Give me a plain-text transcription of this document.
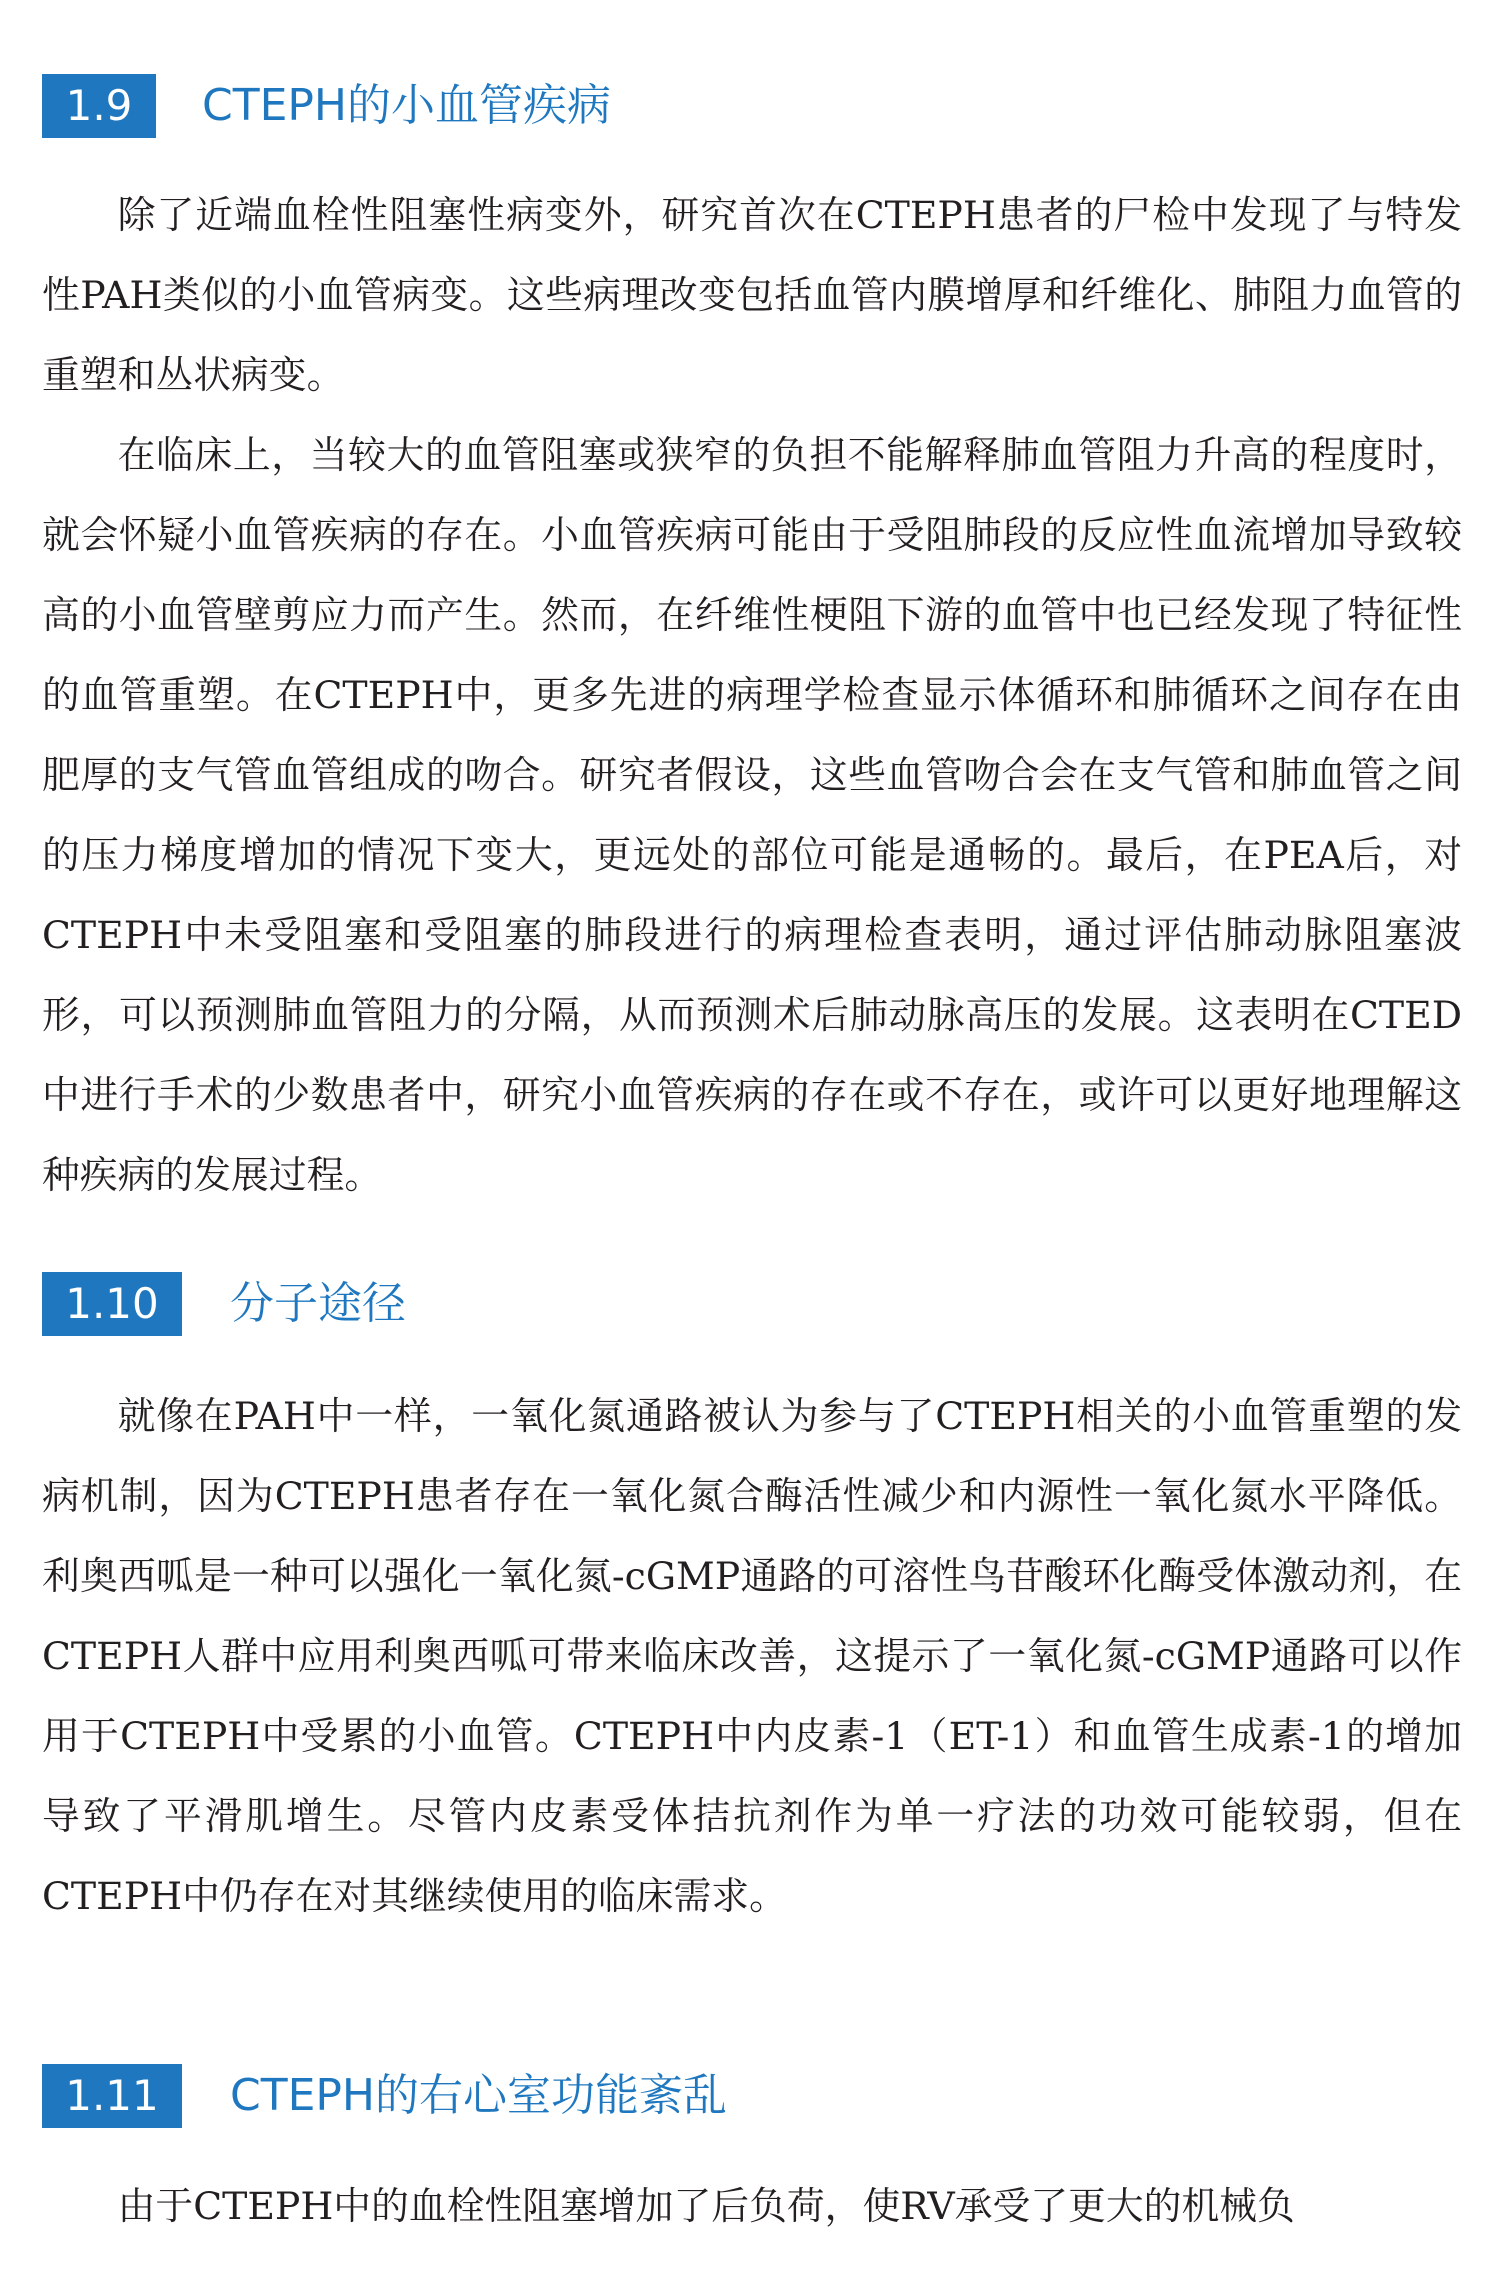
1.9	CTEPH的小血管疾病

除了近端血栓性阻塞性病变外，研究首次在CTEPH患者的尸检中发现了与特发性PAH类似的小血管病变。这些病理改变包括血管内膜增厚和纤维化、肺阻力血管的重塑和丛状病变。

在临床上，当较大的血管阻塞或狭窄的负担不能解释肺血管阻力升高的程度时，就会怀疑小血管疾病的存在。小血管疾病可能由于受阻肺段的反应性血流增加导致较高的小血管壁剪应力而产生。然而，在纤维性梗阻下游的血管中也已经发现了特征性的血管重塑。在CTEPH中，更多先进的病理学检查显示体循环和肺循环之间存在由肥厚的支气管血管组成的吻合。研究者假设，这些血管吻合会在支气管和肺血管之间的压力梯度增加的情况下变大，更远处的部位可能是通畅的。最后，在PEA后，对CTEPH中未受阻塞和受阻塞的肺段进行的病理检查表明，通过评估肺动脉阻塞波形，可以预测肺血管阻力的分隔，从而预测术后肺动脉高压的发展。这表明在CTED中进行手术的少数患者中，研究小血管疾病的存在或不存在，或许可以更好地理解这种疾病的发展过程。

1.10	分子途径

就像在PAH中一样，一氧化氮通路被认为参与了CTEPH相关的小血管重塑的发病机制，因为CTEPH患者存在一氧化氮合酶活性减少和内源性一氧化氮水平降低。利奥西呱是一种可以强化一氧化氮-cGMP通路的可溶性鸟苷酸环化酶受体激动剂，在CTEPH人群中应用利奥西呱可带来临床改善，这提示了一氧化氮-cGMP通路可以作用于CTEPH中受累的小血管。CTEPH中内皮素-1（ET-1）和血管生成素-1的增加导致了平滑肌增生。尽管内皮素受体拮抗剂作为单一疗法的功效可能较弱，但在CTEPH中仍存在对其继续使用的临床需求。

1.11	CTEPH的右心室功能紊乱

由于CTEPH中的血栓性阻塞增加了后负荷，使RV承受了更大的机械负
